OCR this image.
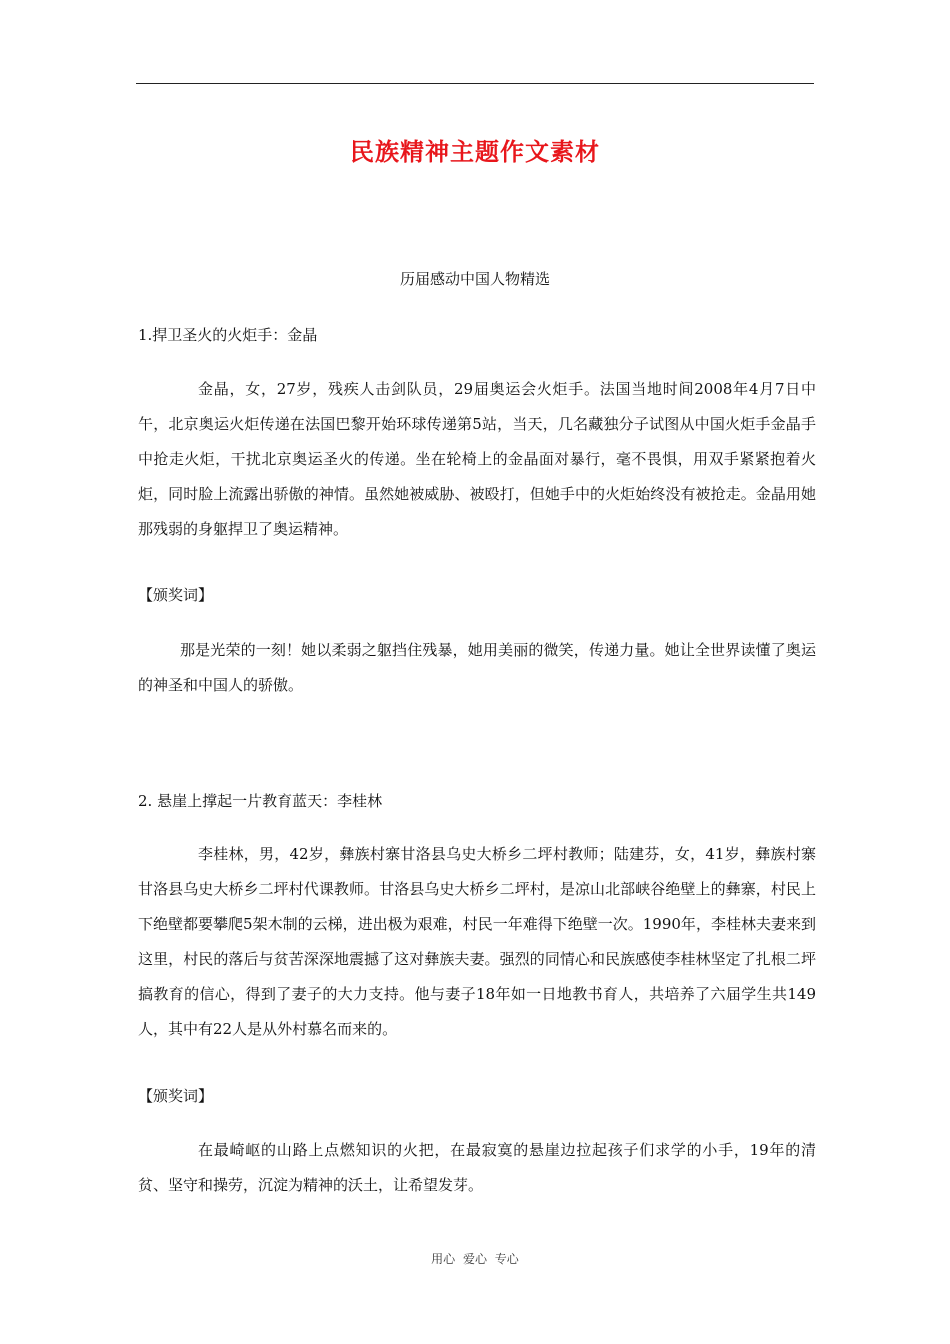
民族精神主题作文素材
历届感动中国人物精选
1.捍卫圣火的火炬手：金晶
金晶，女，27岁，残疾人击剑队员，29届奥运会火炬手。法国当地时间2008年4月7日中午，北京奥运火炬传递在法国巴黎开始环球传递第5站，当天，几名藏独分子试图从中国火炬手金晶手中抢走火炬，干扰北京奥运圣火的传递。坐在轮椅上的金晶面对暴行，毫不畏惧，用双手紧紧抱着火炬，同时脸上流露出骄傲的神情。虽然她被威胁、被殴打，但她手中的火炬始终没有被抢走。金晶用她那残弱的身躯捍卫了奥运精神。
【颁奖词】
那是光荣的一刻！她以柔弱之躯挡住残暴，她用美丽的微笑，传递力量。她让全世界读懂了奥运的神圣和中国人的骄傲。
2. 悬崖上撑起一片教育蓝天：李桂林
李桂林，男，42岁，彝族村寨甘洛县乌史大桥乡二坪村教师；陆建芬，女，41岁，彝族村寨甘洛县乌史大桥乡二坪村代课教师。甘洛县乌史大桥乡二坪村，是凉山北部峡谷绝壁上的彝寨，村民上下绝壁都要攀爬5架木制的云梯，进出极为艰难，村民一年难得下绝壁一次。1990年，李桂林夫妻来到这里，村民的落后与贫苦深深地震撼了这对彝族夫妻。强烈的同情心和民族感使李桂林坚定了扎根二坪搞教育的信心，得到了妻子的大力支持。他与妻子18年如一日地教书育人，共培养了六届学生共149人，其中有22人是从外村慕名而来的。
【颁奖词】
在最崎岖的山路上点燃知识的火把，在最寂寞的悬崖边拉起孩子们求学的小手，19年的清贫、坚守和操劳，沉淀为精神的沃土，让希望发芽。
用心 爱心 专心
